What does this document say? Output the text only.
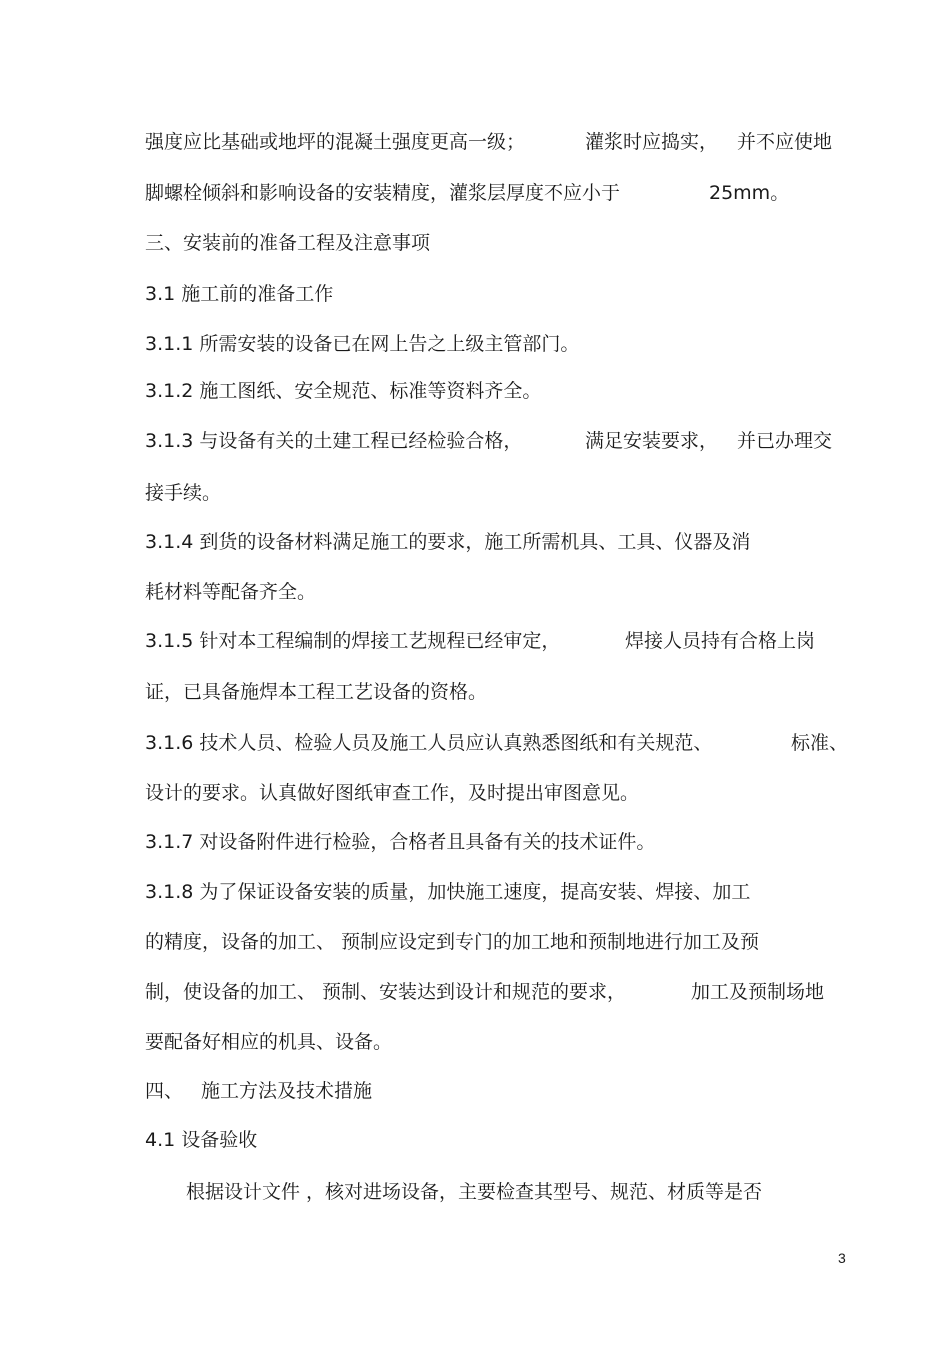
强度应比基础或地坪的混凝土强度更高一级；	灌浆时应捣实， 并不应使地
脚螺栓倾斜和影响设备的安装精度，灌浆层厚度不应小于	25mm。
三、安装前的准备工程及注意事项
3.1 施工前的准备工作
3.1.1 所需安装的设备已在网上告之上级主管部门。
3.1.2 施工图纸、安全规范、标准等资料齐全。
3.1.3 与设备有关的土建工程已经检验合格，	满足安装要求， 并已办理交
接手续。
3.1.4 到货的设备材料满足施工的要求，施工所需机具、工具、仪器及消
耗材料等配备齐全。
3.1.5 针对本工程编制的焊接工艺规程已经审定，	焊接人员持有合格上岗
证，已具备施焊本工程工艺设备的资格。
3.1.6 技术人员、检验人员及施工人员应认真熟悉图纸和有关规范、	标准、
设计的要求。认真做好图纸审查工作，及时提出审图意见。
3.1.7 对设备附件进行检验，合格者且具备有关的技术证件。
3.1.8 为了保证设备安装的质量，加快施工速度，提高安装、焊接、加工
的精度，设备的加工、 预制应设定到专门的加工地和预制地进行加工及预
制，使设备的加工、 预制、安装达到设计和规范的要求，	加工及预制场地
要配备好相应的机具、设备。
四、 施工方法及技术措施
4.1 设备验收
根据设计文件 ，核对进场设备，主要检查其型号、规范、材质等是否
3
